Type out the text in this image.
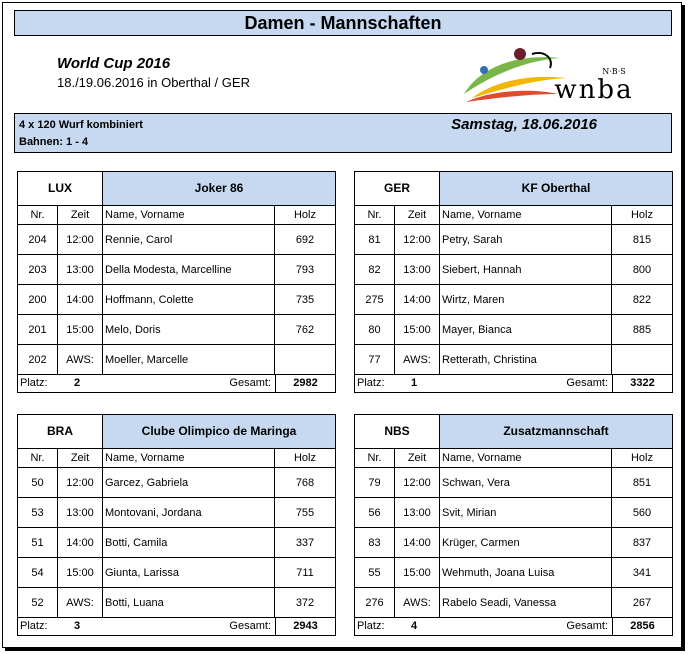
Damen - Mannschaften
World Cup 2016
18./19.06.2016 in Oberthal / GER
N·B·S
wnba
4 x 120 Wurf kombiniert
Bahnen: 1 - 4
Samstag, 18.06.2016
LUX	Joker 86
Nr.	Zeit	Name, Vorname	Holz
204	12:00	Rennie, Carol	692
203	13:00	Della Modesta, Marcelline	793
200	14:00	Hoffmann, Colette	735
201	15:00	Melo, Doris	762
202	AWS:	Moeller, Marcelle
Platz:	2	Gesamt:	2982
GER	KF Oberthal
Nr.	Zeit	Name, Vorname	Holz
81	12:00	Petry, Sarah	815
82	13:00	Siebert, Hannah	800
275	14:00	Wirtz, Maren	822
80	15:00	Mayer, Bianca	885
77	AWS:	Retterath, Christina
Platz:	1	Gesamt:	3322
BRA	Clube Olimpico de Maringa
Nr.	Zeit	Name, Vorname	Holz
50	12:00	Garcez, Gabriela	768
53	13:00	Montovani, Jordana	755
51	14:00	Botti, Camila	337
54	15:00	Giunta, Larissa	711
52	AWS:	Botti, Luana	372
Platz:	3	Gesamt:	2943
NBS	Zusatzmannschaft
Nr.	Zeit	Name, Vorname	Holz
79	12:00	Schwan, Vera	851
56	13:00	Svit, Mirian	560
83	14:00	Krüger, Carmen	837
55	15:00	Wehmuth, Joana Luisa	341
276	AWS:	Rabelo Seadi, Vanessa	267
Platz:	4	Gesamt:	2856
